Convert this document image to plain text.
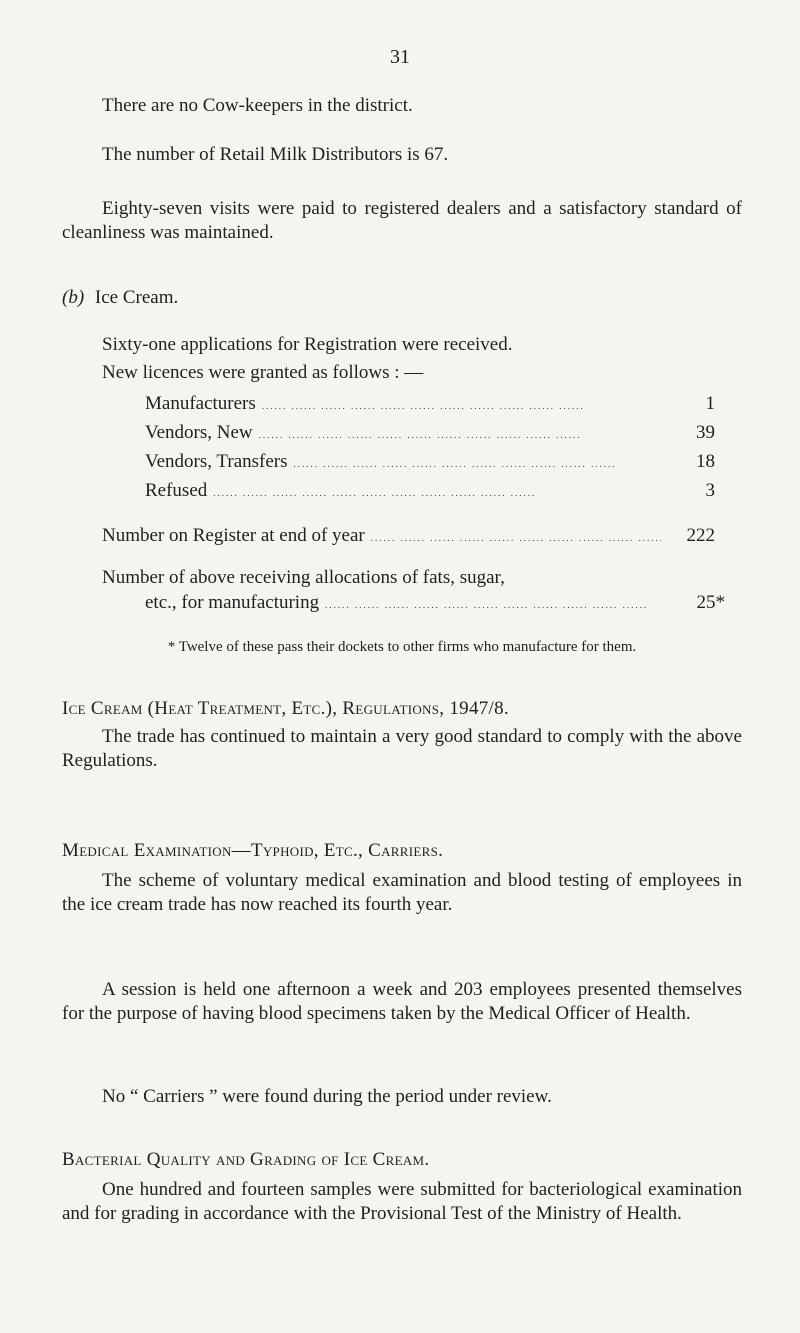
31
There are no Cow-keepers in the district.
The number of Retail Milk Distributors is 67.
Eighty-seven visits were paid to registered dealers and a satisfactory standard of cleanliness was maintained.
(b) Ice Cream.
Sixty-one applications for Registration were received.
New licences were granted as follows : —
Manufacturers .....	1
Vendors, New .....	39
Vendors, Transfers .....	18
Refused .....	3
Number on Register at end of year .....	222
Number of above receiving allocations of fats, sugar,
etc., for manufacturing .....	25*
* Twelve of these pass their dockets to other firms who manufacture for them.
Ice Cream (Heat Treatment, Etc.), Regulations, 1947/8.
The trade has continued to maintain a very good standard to comply with the above Regulations.
Medical Examination—Typhoid, Etc., Carriers.
The scheme of voluntary medical examination and blood testing of employees in the ice cream trade has now reached its fourth year.
A session is held one afternoon a week and 203 employees presented themselves for the purpose of having blood specimens taken by the Medical Officer of Health.
No “ Carriers ” were found during the period under review.
Bacterial Quality and Grading of Ice Cream.
One hundred and fourteen samples were submitted for bacteriological examination and for grading in accordance with the Provisional Test of the Ministry of Health.
